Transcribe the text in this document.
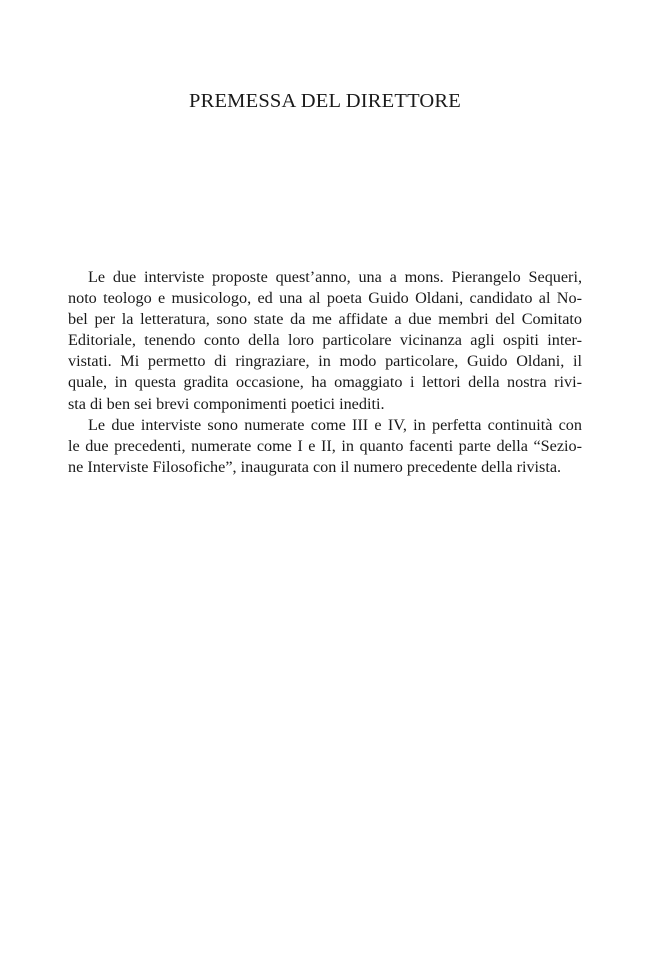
PREMESSA DEL DIRETTORE

Le due interviste proposte quest’anno, una a mons. Pierangelo Sequeri,
noto teologo e musicologo, ed una al poeta Guido Oldani, candidato al No-
bel per la letteratura, sono state da me affidate a due membri del Comitato
Editoriale, tenendo conto della loro particolare vicinanza agli ospiti inter-
vistati. Mi permetto di ringraziare, in modo particolare, Guido Oldani, il
quale, in questa gradita occasione, ha omaggiato i lettori della nostra rivi-
sta di ben sei brevi componimenti poetici inediti.

Le due interviste sono numerate come III e IV, in perfetta continuità con
le due precedenti, numerate come I e II, in quanto facenti parte della “Sezio-
ne Interviste Filosofiche”, inaugurata con il numero precedente della rivista.
